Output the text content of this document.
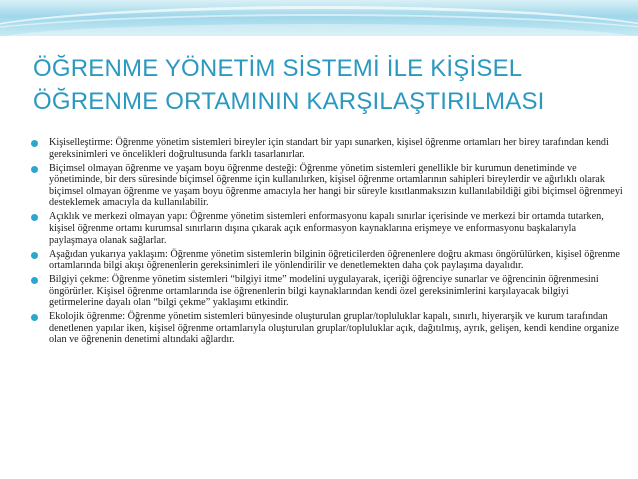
ÖĞRENME YÖNETİM SİSTEMİ İLE KİŞİSEL
ÖĞRENME ORTAMININ KARŞILAŞTIRILMASI
Kişiselleştirme: Öğrenme yönetim sistemleri bireyler için standart bir yapı sunarken, kişisel öğrenme ortamları her birey tarafından kendi gereksinimleri ve öncelikleri doğrultusunda farklı tasarlanırlar.
Biçimsel olmayan öğrenme ve yaşam boyu öğrenme desteği: Öğrenme yönetim sistemleri genellikle bir kurumun denetiminde ve yönetiminde, bir ders süresinde biçimsel öğrenme için kullanılırken, kişisel öğrenme ortamlarının sahipleri bireylerdir ve ağırlıklı olarak biçimsel olmayan öğrenme ve yaşam boyu öğrenme amacıyla her hangi bir süreyle kısıtlanmaksızın kullanılabildiği gibi biçimsel öğrenmeyi desteklemek amacıyla da kullanılabilir.
Açıklık ve merkezi olmayan yapı: Öğrenme yönetim sistemleri enformasyonu kapalı sınırlar içerisinde ve merkezi bir ortamda tutarken, kişisel öğrenme ortamı kurumsal sınırların dışına çıkarak açık enformasyon kaynaklarına erişmeye ve enformasyonu başkalarıyla paylaşmaya olanak sağlarlar.
Aşağıdan yukarıya yaklaşım: Öğrenme yönetim sistemlerin bilginin öğreticilerden öğrenenlere doğru akması öngörülürken, kişisel öğrenme ortamlarında bilgi akışı öğrenenlerin gereksinimleri ile yönlendirilir ve denetlemekten daha çok paylaşıma dayalıdır.
Bilgiyi çekme: Öğrenme yönetim sistemleri “bilgiyi itme” modelini uygulayarak, içeriği öğrenciye sunarlar ve öğrencinin öğrenmesini öngörürler. Kişisel öğrenme ortamlarında ise öğrenenlerin bilgi kaynaklarından kendi özel gereksinimlerini karşılayacak bilgiyi getirmelerine dayalı olan “bilgi çekme” yaklaşımı etkindir.
Ekolojik öğrenme: Öğrenme yönetim sistemleri bünyesinde oluşturulan gruplar/topluluklar kapalı, sınırlı, hiyerarşik ve kurum tarafından denetlenen yapılar iken, kişisel öğrenme ortamlarıyla oluşturulan gruplar/topluluklar açık, dağıtılmış, ayrık, gelişen, kendi kendine organize olan ve öğrenenin denetimi altındaki ağlardır.
